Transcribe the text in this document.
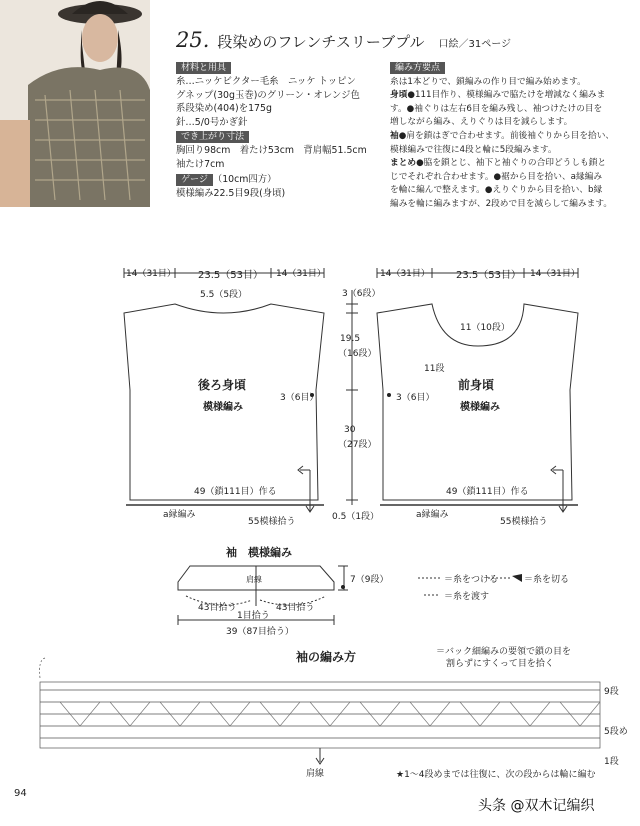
25. 段染めのフレンチスリーブプル 口絵／31ページ
材料と用具
糸…ニッケビクター毛糸　ニッケ トッピン
グネップ(30g玉巻)のグリーン・オレンジ色
系段染め(404)を175g
針…5/0号かぎ針
でき上がり寸法
胸回り98cm　着たけ53cm　背肩幅51.5cm
袖たけ7cm
ゲージ （10cm四方）
模様編み22.5目9段(身頃)
編み方要点
糸は1本どりで、鎖編みの作り目で編み始めます。
身頃●111目作り、模様編みで脇たけを増減なく編みま
す。●袖ぐりは左右6目を編み残し、袖つけたけの目を
増しながら編み、えりぐりは目を減らします。
袖●肩を鎖はぎで合わせます。前後袖ぐりから目を拾い、
模様編みで往復に4段と輪に5段編みます。
まとめ●脇を鎖とじ、袖下と袖ぐりの合印どうしも鎖と
じでそれぞれ合わせます。●裾から目を拾い、a縁編み
を輪に編んで整えます。●えりぐりから目を拾い、b縁
編みを輪に編みますが、2段めで目を減らして編みます。
14（31目） 23.5（53目） 14（31目）
5.5（5段）
後ろ身頃
模様編み
3（6目）
49（鎖111目）作る
a縁編み
55模様拾う
3（6段）
19.5
（16段）
30
（27段）
0.5（1段）
14（31目）	23.5（53目） 14（31目）
11（10段）
11段
前身頃
模様編み
3（6目）
49（鎖111目）作る
a縁編み
55模様拾う
袖　 模様編み
肩線	7（9段）
43目拾う	43目拾う
1目拾う
39（87目拾う）
＝糸をつける	＝糸を切る
＝糸を渡す
袖の編み方	＝バック細編みの要領で鎖の目を
割らずにすくって目を拾く
9段
5段め
1段
肩線	★1～4段めまでは往復に、次の段からは輪に編む
94
头条 @双木记编织
